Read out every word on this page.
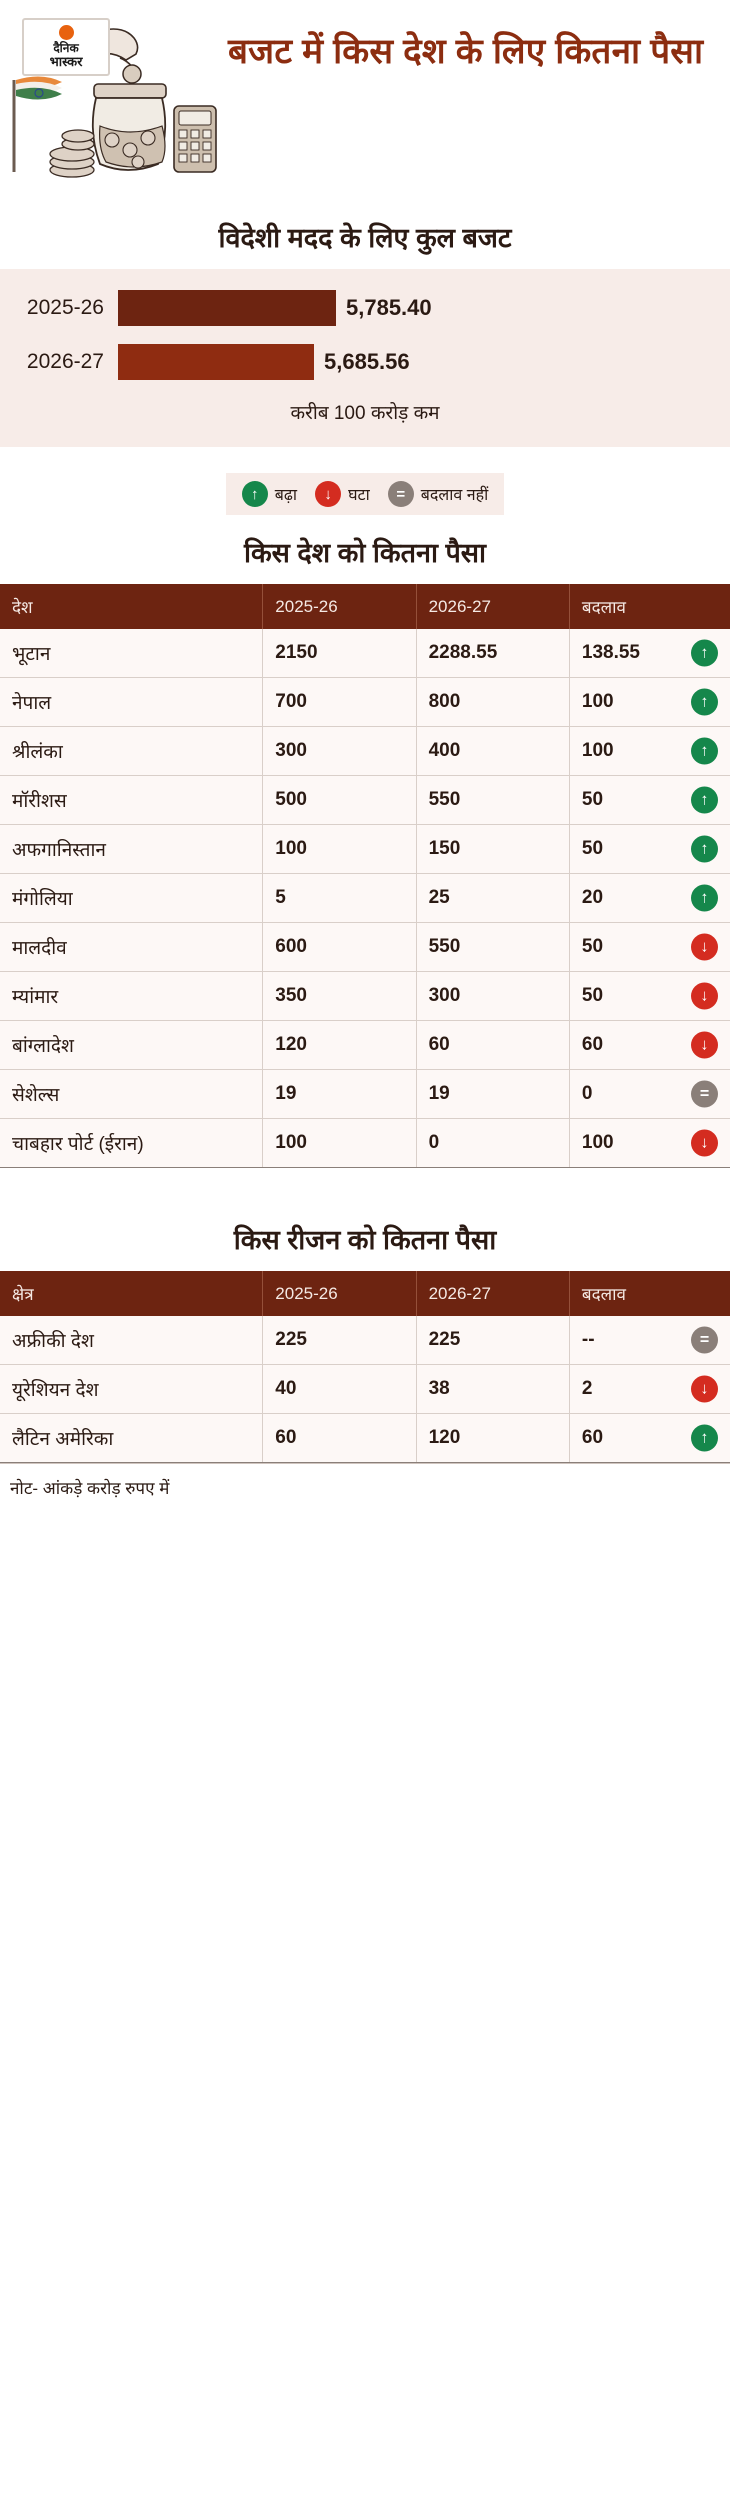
दैनिक
भास्कर	बजट में किस देश के लिए कितना पैसा
विदेशी मदद के लिए कुल बजट
2025-26	5,785.40
2026-27	5,685.56
करीब 100 करोड़ कम
↑	बढ़ा	↓	घटा	= बदलाव नहीं
किस देश को कितना पैसा
देश	2025-26	2026-27	बदलाव
भूटान	2150	2288.55	138.55 ↑

नेपाल	700	800	100 ↑

श्रीलंका	300	400	100 ↑

मॉरीशस	500	550	50 ↑

अफगानिस्तान	100	150	50 ↑

मंगोलिया	5	25	20 ↑

मालदीव	600	550	50 ↓

म्यांमार	350	300	50 ↓

बांग्लादेश	120	60	60 ↓

सेशेल्स	19	19	0 =

चाबहार पोर्ट (ईरान)	100	0	100 ↓
किस रीजन को कितना पैसा
क्षेत्र	2025-26	2026-27	बदलाव
अफ्रीकी देश	225	225	-- =

यूरेशियन देश	40	38	2 ↓

लैटिन अमेरिका	60	120	60 ↑
नोट- आंकड़े करोड़ रुपए में
